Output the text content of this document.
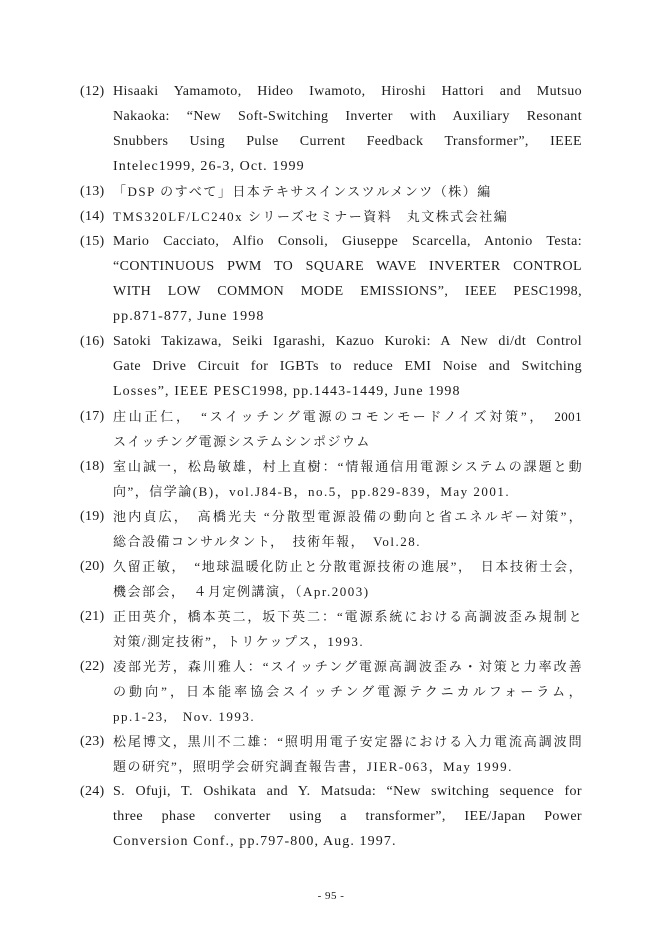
(12) Hisaaki Yamamoto, Hideo Iwamoto, Hiroshi Hattori and Mutsuo
Nakaoka: “New Soft-Switching Inverter with Auxiliary Resonant
Snubbers Using Pulse Current Feedback Transformer”, IEEE
Intelec1999, 26-3, Oct. 1999
(13) 「DSP のすべて」日本テキサスインスツルメンツ（株）編
(14) TMS320LF/LC240x シリーズセミナー資料　丸文株式会社編
(15) Mario Cacciato, Alfio Consoli, Giuseppe Scarcella, Antonio Testa:
“CONTINUOUS PWM TO SQUARE WAVE INVERTER CONTROL
WITH LOW COMMON MODE EMISSIONS”, IEEE PESC1998,
pp.871-877, June 1998
(16) Satoki Takizawa, Seiki Igarashi, Kazuo Kuroki: A New di/dt Control
Gate Drive Circuit for IGBTs to reduce EMI Noise and Switching
Losses”, IEEE PESC1998, pp.1443-1449, June 1998
(17) 庄山正仁，　“スイッチング電源のコモンモードノイズ対策”，　2001
スイッチング電源システムシンポジウム
(18) 室山誠一，松島敏雄，村上直樹：“情報通信用電源システムの課題と動
向”，信学論(B)，vol.J84-B，no.5，pp.829-839，May 2001.
(19) 池内貞広，　高橋光夫 “分散型電源設備の動向と省エネルギー対策”，
総合設備コンサルタント，　技術年報，　Vol.28.
(20) 久留正敏，　“地球温暖化防止と分散電源技術の進展”，　日本技術士会，
機会部会，　４月定例講演，（Apr.2003)
(21) 正田英介，橋本英二，坂下英二：“電源系統における高調波歪み規制と
対策/測定技術”，トリケップス，1993.
(22) 凌部光芳，森川雅人：“スイッチング電源高調波歪み・対策と力率改善
の動向”，日本能率協会スイッチング電源テクニカルフォーラム，
pp.1-23,　Nov. 1993.
(23) 松尾博文，黒川不二雄：“照明用電子安定器における入力電流高調波問
題の研究”，照明学会研究調査報告書，JIER-063，May 1999.
(24) S. Ofuji, T. Oshikata and Y. Matsuda: “New switching sequence for
three phase converter using a transformer”, IEE/Japan Power
Conversion Conf., pp.797-800, Aug. 1997.
- 95 -
